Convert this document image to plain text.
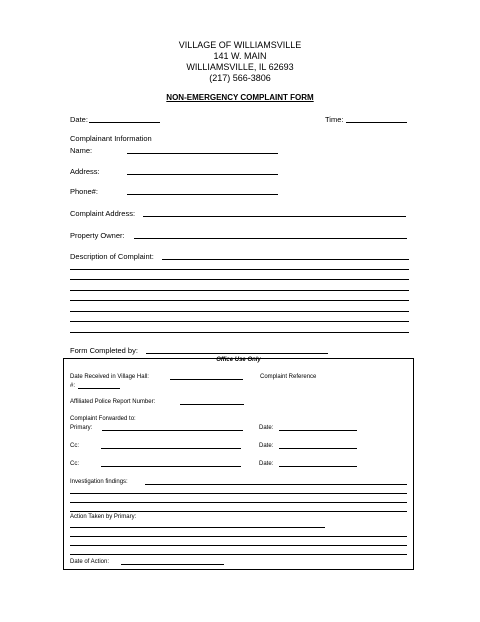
VILLAGE OF WILLIAMSVILLE
141 W. MAIN
WILLIAMSVILLE, IL 62693
(217) 566-3806
NON-EMERGENCY COMPLAINT FORM
Date:	Time:
Complainant Information
Name:
Address:
Phone#:
Complaint Address:
Property Owner:
Description of Complaint:
Form Completed by:
Office Use Only
Date Received in Village Hall:	Complaint Reference
#:
Affiliated Police Report Number:
Complaint Forwarded to:
Primary:	Date:
Cc:	Date:
Cc:	Date:
Investigation findings:
Action Taken by Primary:
Date of Action:
